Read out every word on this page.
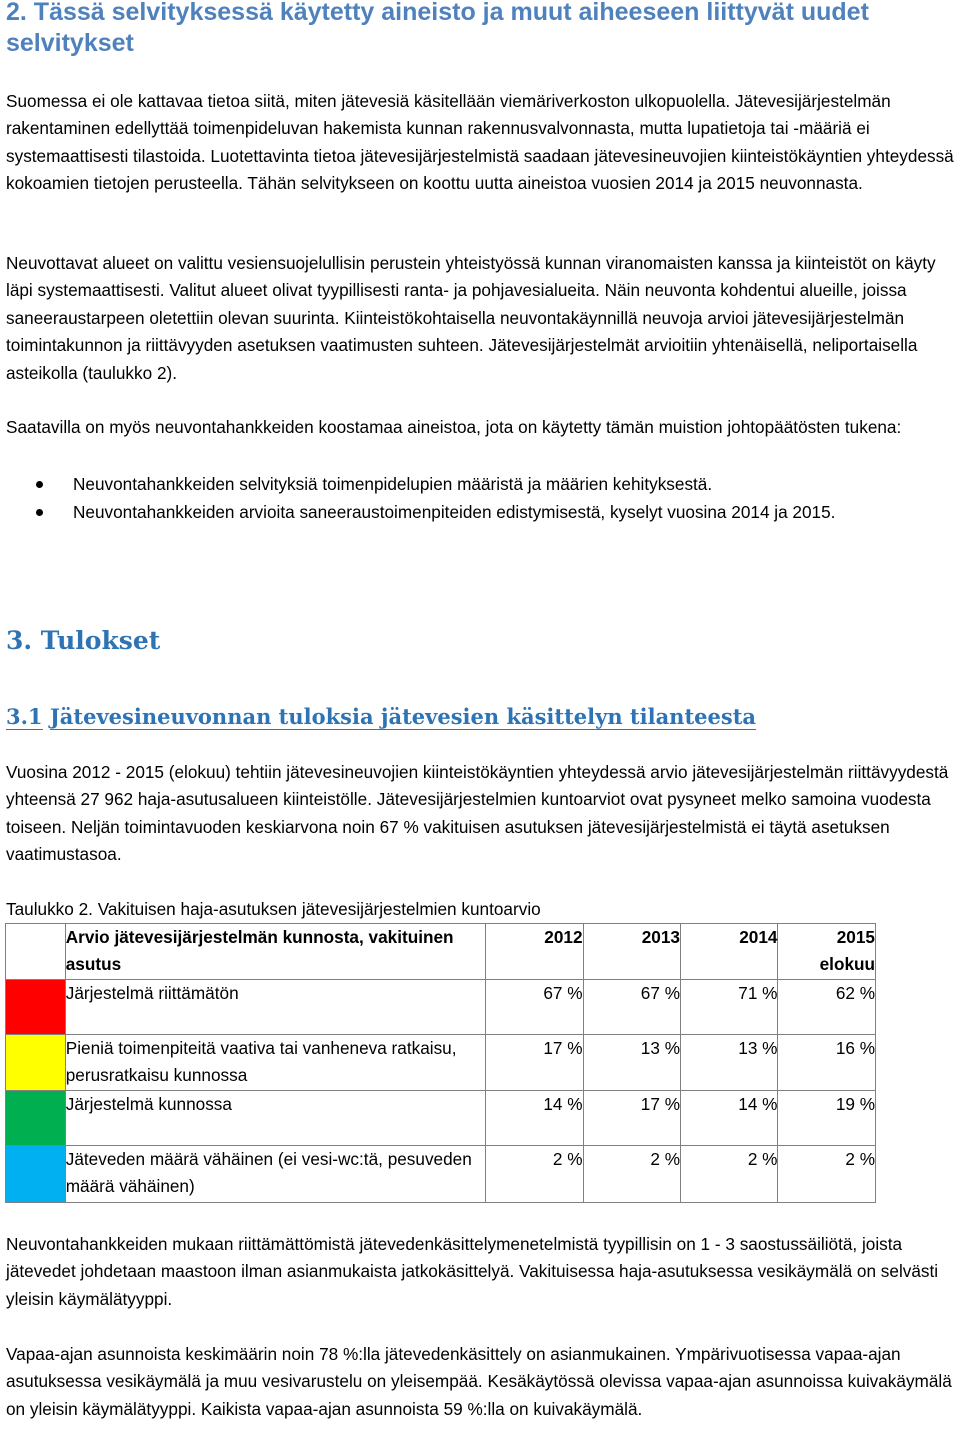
2. Tässä selvityksessä käytetty aineisto ja muut aiheeseen liittyvät uudet selvitykset

Suomessa ei ole kattavaa tietoa siitä, miten jätevesiä käsitellään viemäriverkoston ulkopuolella. Jätevesijärjestelmän rakentaminen edellyttää toimenpideluvan hakemista kunnan rakennusvalvonnasta, mutta lupatietoja tai -määriä ei systemaattisesti tilastoida. Luotettavinta tietoa jätevesijärjestelmistä saadaan jätevesineuvojien kiinteistökäyntien yhteydessä kokoamien tietojen perusteella. Tähän selvitykseen on koottu uutta aineistoa vuosien 2014 ja 2015 neuvonnasta.

Neuvottavat alueet on valittu vesiensuojelullisin perustein yhteistyössä kunnan viranomaisten kanssa ja kiinteistöt on käyty läpi systemaattisesti. Valitut alueet olivat tyypillisesti ranta- ja pohjavesialueita. Näin neuvonta kohdentui alueille, joissa saneeraustarpeen oletettiin olevan suurinta. Kiinteistökohtaisella neuvontakäynnillä neuvoja arvioi jätevesijärjestelmän toimintakunnon ja riittävyyden asetuksen vaatimusten suhteen. Jätevesijärjestelmät arvioitiin yhtenäisellä, neliportaisella asteikolla (taulukko 2).

Saatavilla on myös neuvontahankkeiden koostamaa aineistoa, jota on käytetty tämän muistion johtopäätösten tukena:

Neuvontahankkeiden selvityksiä toimenpidelupien määristä ja määrien kehityksestä.
Neuvontahankkeiden arvioita saneeraustoimenpiteiden edistymisestä, kyselyt vuosina 2014 ja 2015.
3. Tulokset
3.1 Jätevesineuvonnan tuloksia jätevesien käsittelyn tilanteesta

Vuosina 2012 - 2015 (elokuu) tehtiin jätevesineuvojien kiinteistökäyntien yhteydessä arvio jätevesijärjestelmän riittävyydestä yhteensä 27 962 haja-asutusalueen kiinteistölle. Jätevesijärjestelmien kuntoarviot ovat pysyneet melko samoina vuodesta toiseen. Neljän toimintavuoden keskiarvona noin 67 % vakituisen asutuksen jätevesijärjestelmistä ei täytä asetuksen vaatimustasoa.

Taulukko 2. Vakituisen haja-asutuksen jätevesijärjestelmien kuntoarvio
	Arvio jätevesijärjestelmän kunnosta, vakituinen asutus	2012	2013	2014	2015 elokuu
	Järjestelmä riittämätön	67 %	67 %	71 %	62 %
	Pieniä toimenpiteitä vaativa tai vanheneva ratkaisu, perusratkaisu kunnossa	17 %	13 %	13 %	16 %
	Järjestelmä kunnossa	14 %	17 %	14 %	19 %
	Jäteveden määrä vähäinen (ei vesi-wc:tä, pesuveden määrä vähäinen)	2 %	2 %	2 %	2 %

Neuvontahankkeiden mukaan riittämättömistä jätevedenkäsittelymenetelmistä tyypillisin on 1 - 3 saostussäiliötä, joista jätevedet johdetaan maastoon ilman asianmukaista jatkokäsittelyä. Vakituisessa haja-asutuksessa vesikäymälä on selvästi yleisin käymälätyyppi.

Vapaa-ajan asunnoista keskimäärin noin 78 %:lla jätevedenkäsittely on asianmukainen. Ympärivuotisessa vapaa-ajan asutuksessa vesikäymälä ja muu vesivarustelu on yleisempää. Kesäkäytössä olevissa vapaa-ajan asunnoissa kuivakäymälä on yleisin käymälätyyppi. Kaikista vapaa-ajan asunnoista 59 %:lla on kuivakäymälä.
